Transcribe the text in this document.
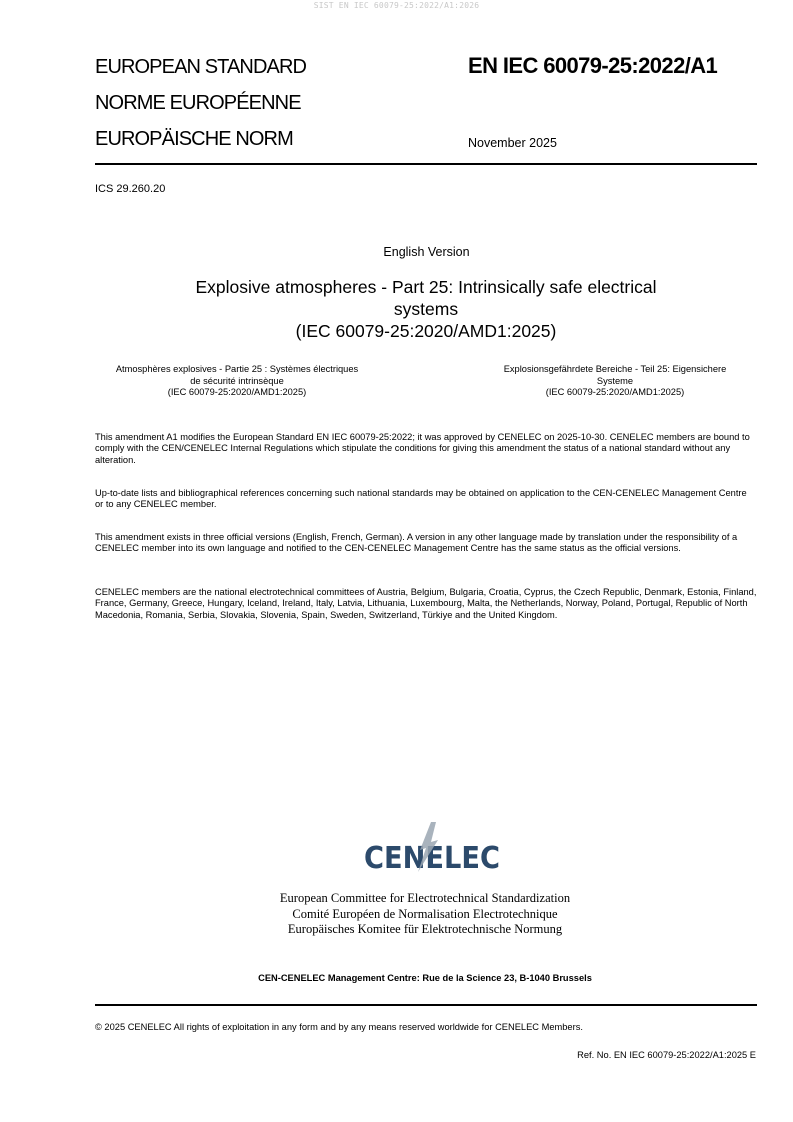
SIST EN IEC 60079-25:2022/A1:2026
EUROPEAN STANDARD
NORME EUROPÉENNE
EUROPÄISCHE NORM
EN IEC 60079-25:2022/A1
November 2025
ICS 29.260.20
English Version
Explosive atmospheres - Part 25: Intrinsically safe electrical
systems
(IEC 60079-25:2020/AMD1:2025)
Atmosphères explosives - Partie 25 : Systèmes électriques
de sécurité intrinsèque
(IEC 60079-25:2020/AMD1:2025)
Explosionsgefährdete Bereiche - Teil 25: Eigensichere
Systeme
(IEC 60079-25:2020/AMD1:2025)
This amendment A1 modifies the European Standard EN IEC 60079-25:2022; it was approved by CENELEC on 2025-10-30. CENELEC members are bound to comply with the CEN/CENELEC Internal Regulations which stipulate the conditions for giving this amendment the status of a national standard without any alteration.
Up-to-date lists and bibliographical references concerning such national standards may be obtained on application to the CEN-CENELEC Management Centre or to any CENELEC member.
This amendment exists in three official versions (English, French, German). A version in any other language made by translation under the responsibility of a CENELEC member into its own language and notified to the CEN-CENELEC Management Centre has the same status as the official versions.
CENELEC members are the national electrotechnical committees of Austria, Belgium, Bulgaria, Croatia, Cyprus, the Czech Republic, Denmark, Estonia, Finland, France, Germany, Greece, Hungary, Iceland, Ireland, Italy, Latvia, Lithuania, Luxembourg, Malta, the Netherlands, Norway, Poland, Portugal, Republic of North Macedonia, Romania, Serbia, Slovakia, Slovenia, Spain, Sweden, Switzerland, Türkiye and the United Kingdom.
CENELEC
European Committee for Electrotechnical Standardization
Comité Européen de Normalisation Electrotechnique
Europäisches Komitee für Elektrotechnische Normung
CEN-CENELEC Management Centre: Rue de la Science 23, B-1040 Brussels
© 2025 CENELEC All rights of exploitation in any form and by any means reserved worldwide for CENELEC Members.
Ref. No. EN IEC 60079-25:2022/A1:2025 E
